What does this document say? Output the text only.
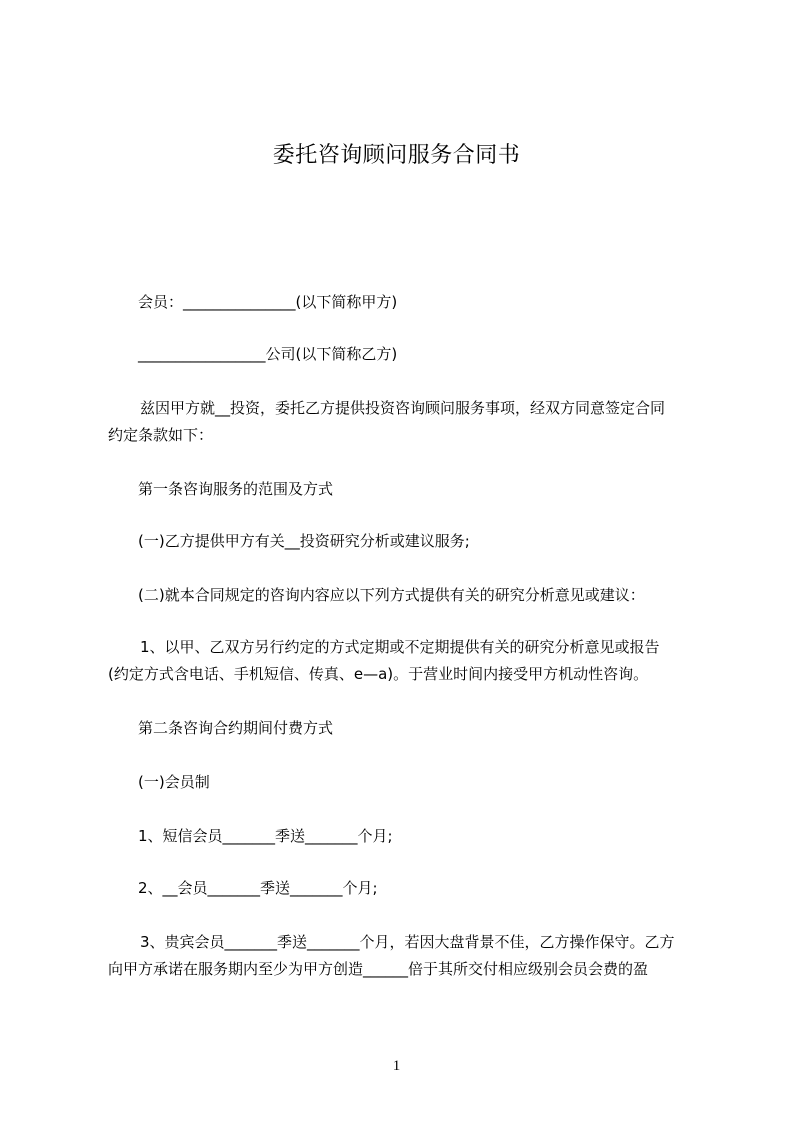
委托咨询顾问服务合同书
会员：_______________(以下简称甲方)
_________________公司(以下简称乙方)
兹因甲方就__投资，委托乙方提供投资咨询顾问服务事项，经双方同意签定合同
约定条款如下：
第一条咨询服务的范围及方式
(一)乙方提供甲方有关__投资研究分析或建议服务;
(二)就本合同规定的咨询内容应以下列方式提供有关的研究分析意见或建议：
1、以甲、乙双方另行约定的方式定期或不定期提供有关的研究分析意见或报告
(约定方式含电话、手机短信、传真、e—a)。于营业时间内接受甲方机动性咨询。
第二条咨询合约期间付费方式
(一)会员制
1、短信会员_______季送_______个月;
2、__会员_______季送_______个月;
3、贵宾会员_______季送_______个月，若因大盘背景不佳，乙方操作保守。乙方
向甲方承诺在服务期内至少为甲方创造______倍于其所交付相应级别会员会费的盈
1
